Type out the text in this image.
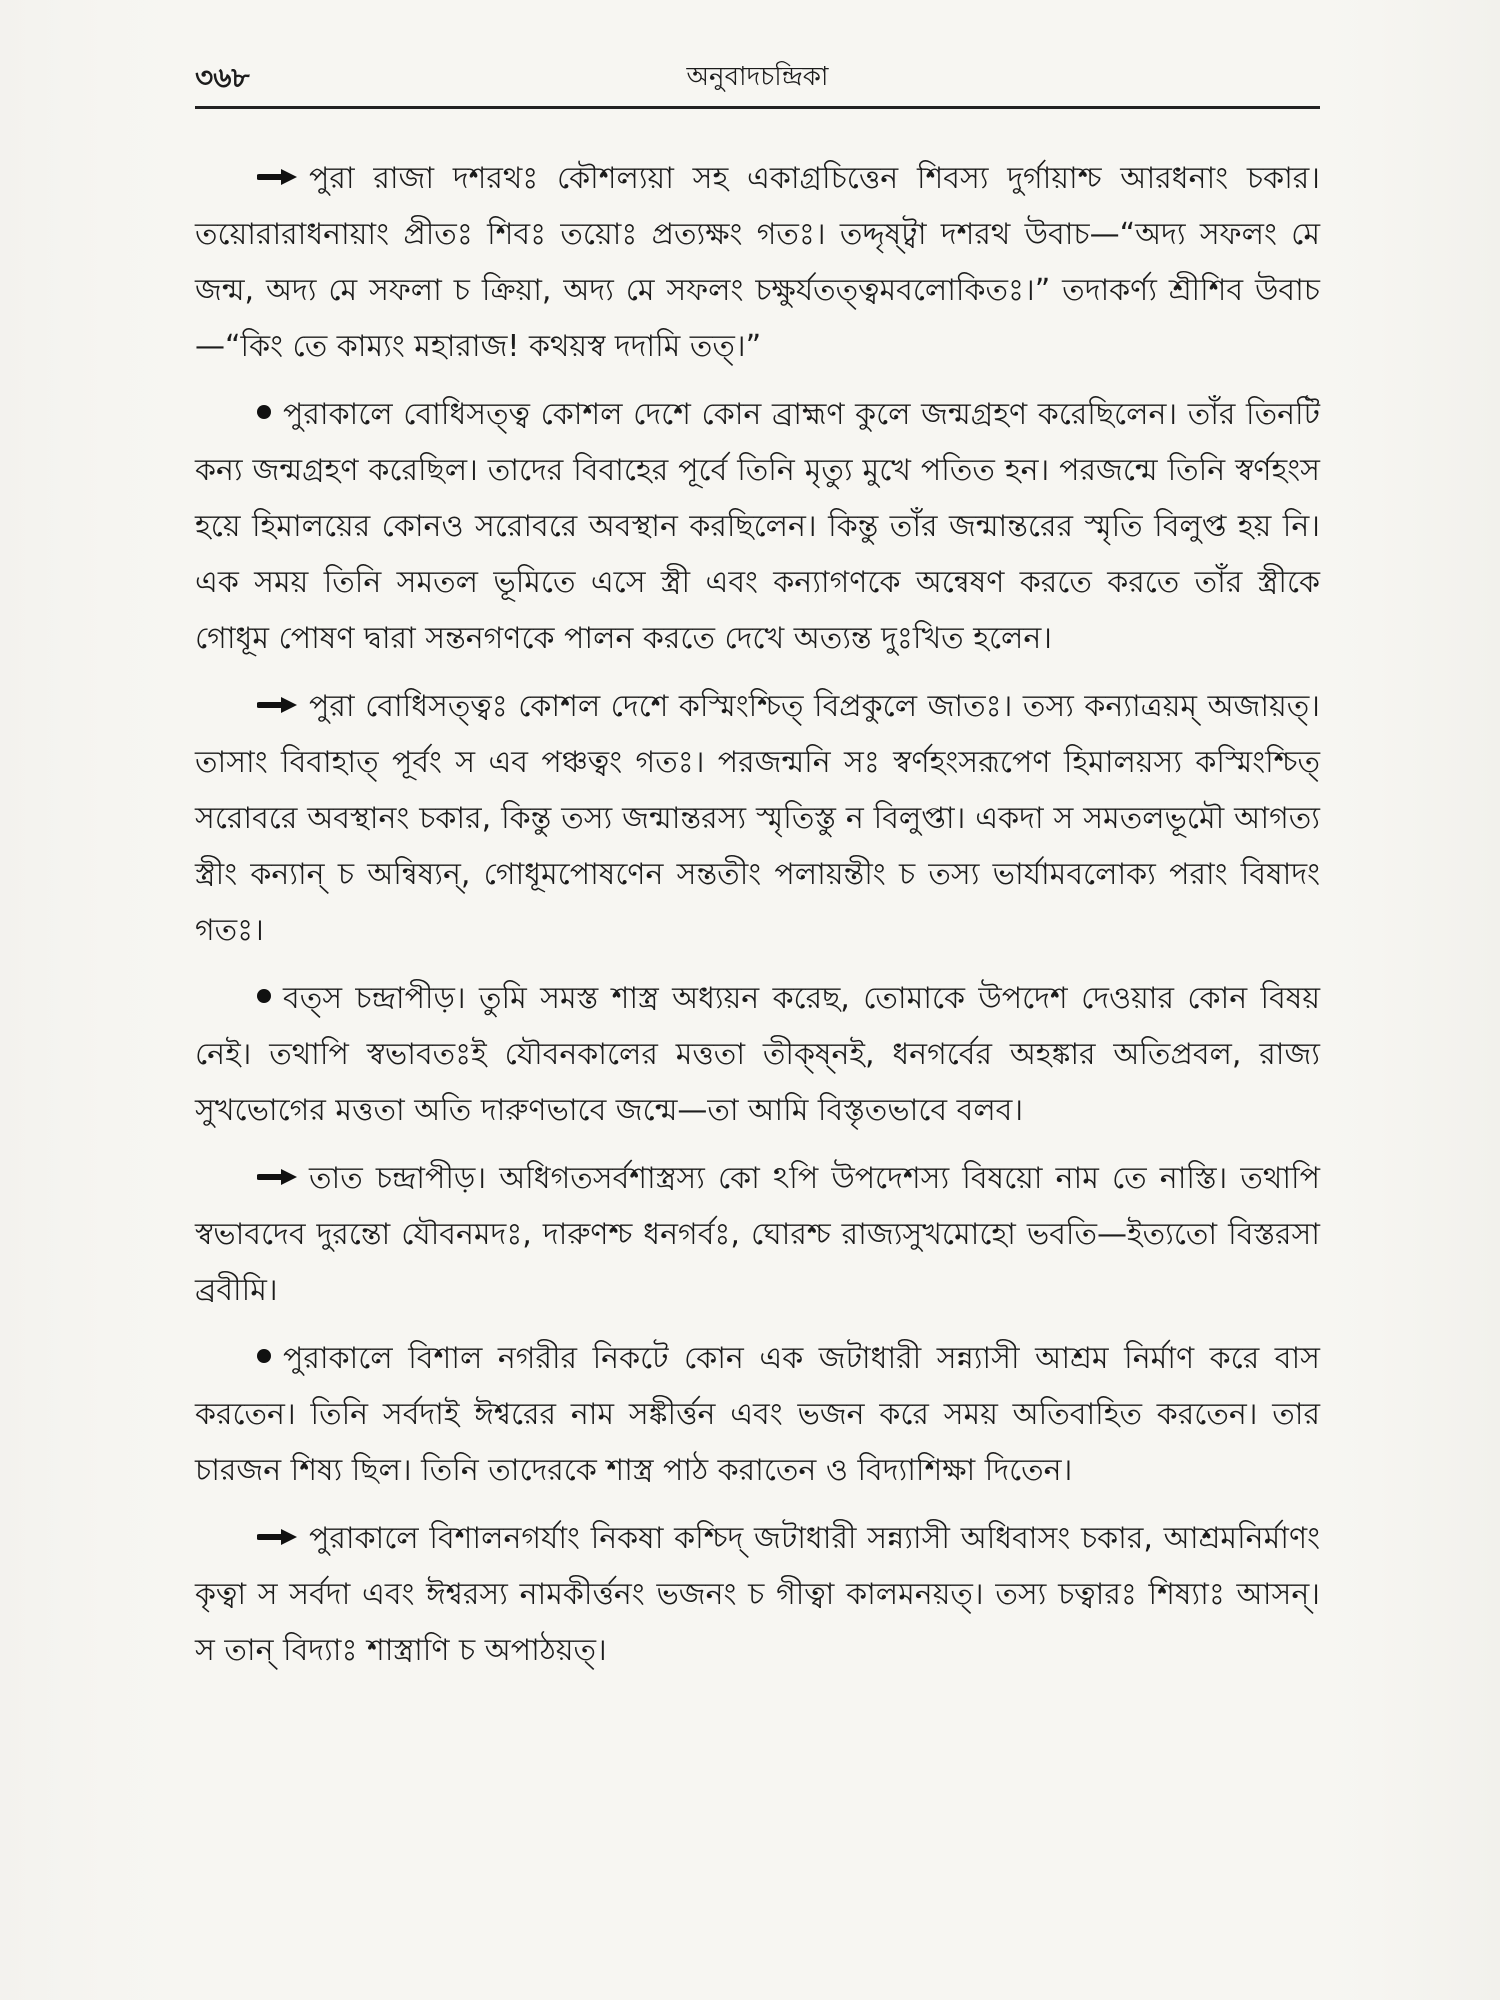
৩৬৮	অনুবাদচন্দ্রিকা

পুরা রাজা দশরথঃ কৌশল্যয়া সহ একাগ্রচিত্তেন শিবস্য দুর্গায়াশ্চ আরধনাং চকার। তয়োরারাধনায়াং প্রীতঃ শিবঃ তয়োঃ প্রত্যক্ষং গতঃ। তদ্দৃষ্ট্বা দশরথ উবাচ—“অদ্য সফলং মে জন্ম, অদ্য মে সফলা চ ক্রিয়া, অদ্য মে সফলং চক্ষুর্যতত্ত্বমবলোকিতঃ।” তদাকর্ণ্য শ্রীশিব উবাচ—“কিং তে কাম্যং মহারাজ! কথয়স্ব দদামি তত্।”

পুরাকালে বোধিসত্ত্ব কোশল দেশে কোন ব্রাহ্মণ কুলে জন্মগ্রহণ করেছিলেন। তাঁর তিনটি কন্য জন্মগ্রহণ করেছিল। তাদের বিবাহের পূর্বে তিনি মৃত্যু মুখে পতিত হন। পরজন্মে তিনি স্বর্ণহংস হয়ে হিমালয়ের কোনও সরোবরে অবস্থান করছিলেন। কিন্তু তাঁর জন্মান্তরের স্মৃতি বিলুপ্ত হয় নি। এক সময় তিনি সমতল ভূমিতে এসে স্ত্রী এবং কন্যাগণকে অন্বেষণ করতে করতে তাঁর স্ত্রীকে গোধূম পোষণ দ্বারা সন্তনগণকে পালন করতে দেখে অত্যন্ত দুঃখিত হলেন।

পুরা বোধিসত্ত্বঃ কোশল দেশে কস্মিংশ্চিত্ বিপ্রকুলে জাতঃ। তস্য কন্যাত্রয়ম্ অজায়ত্। তাসাং বিবাহাত্ পূর্বং স এব পঞ্চত্বং গতঃ। পরজন্মনি সঃ স্বর্ণহংসরূপেণ হিমালয়স্য কস্মিংশ্চিত্ সরোবরে অবস্থানং চকার, কিন্তু তস্য জন্মান্তরস্য স্মৃতিস্তু ন বিলুপ্তা। একদা স সমতলভূমৌ আগত্য স্ত্রীং কন্যান্ চ অন্বিষ্যন্, গোধূমপোষণেন সন্ততীং পলায়ন্তীং চ তস্য ভার্যামবলোক্য পরাং বিষাদং গতঃ।

বত্স চন্দ্রাপীড়। তুমি সমস্ত শাস্ত্র অধ্যয়ন করেছ, তোমাকে উপদেশ দেওয়ার কোন বিষয় নেই। তথাপি স্বভাবতঃই যৌবনকালের মত্ততা তীক্ষ্নই, ধনগর্বের অহঙ্কার অতিপ্রবল, রাজ্য সুখভোগের মত্ততা অতি দারুণভাবে জন্মে—তা আমি বিস্তৃতভাবে বলব।

তাত চন্দ্রাপীড়। অধিগতসর্বশাস্ত্রস্য কো ঽপি উপদেশস্য বিষয়ো নাম তে নাস্তি। তথাপি স্বভাবদেব দুরন্তো যৌবনমদঃ, দারুণশ্চ ধনগর্বঃ, ঘোরশ্চ রাজ্যসুখমোহো ভবতি—ইত্যতো বিস্তরসা ব্রবীমি।

পুরাকালে বিশাল নগরীর নিকটে কোন এক জটাধারী সন্ন্যাসী আশ্রম নির্মাণ করে বাস করতেন। তিনি সর্বদাই ঈশ্বরের নাম সঙ্কীর্ত্তন এবং ভজন করে সময় অতিবাহিত করতেন। তার চারজন শিষ্য ছিল। তিনি তাদেরকে শাস্ত্র পাঠ করাতেন ও বিদ্যাশিক্ষা দিতেন।

পুরাকালে বিশালনগর্যাং নিকষা কশ্চিদ্ জটাধারী সন্ন্যাসী অধিবাসং চকার, আশ্রমনির্মাণং কৃত্বা স সর্বদা এবং ঈশ্বরস্য নামকীর্ত্তনং ভজনং চ গীত্বা কালমনয়ত্। তস্য চত্বারঃ শিষ্যাঃ আসন্। স তান্ বিদ্যাঃ শাস্ত্রাণি চ অপাঠয়ত্।
